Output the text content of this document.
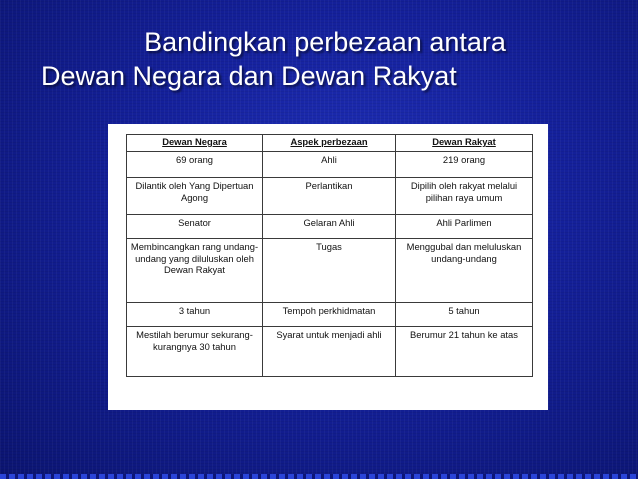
Bandingkan perbezaan antara
Dewan Negara dan Dewan Rakyat
Dewan Negara	Aspek perbezaan	Dewan Rakyat
69 orang	Ahli	219 orang
Dilantik oleh Yang Dipertuan Agong	Perlantikan	Dipilih oleh rakyat melalui pilihan raya umum
Senator	Gelaran Ahli	Ahli Parlimen
Membincangkan rang undang-undang yang diluluskan oleh Dewan Rakyat	Tugas	Menggubal dan meluluskan undang-undang
3 tahun	Tempoh perkhidmatan	5 tahun
Mestilah berumur sekurang-kurangnya 30 tahun	Syarat untuk menjadi ahli	Berumur 21 tahun ke atas
